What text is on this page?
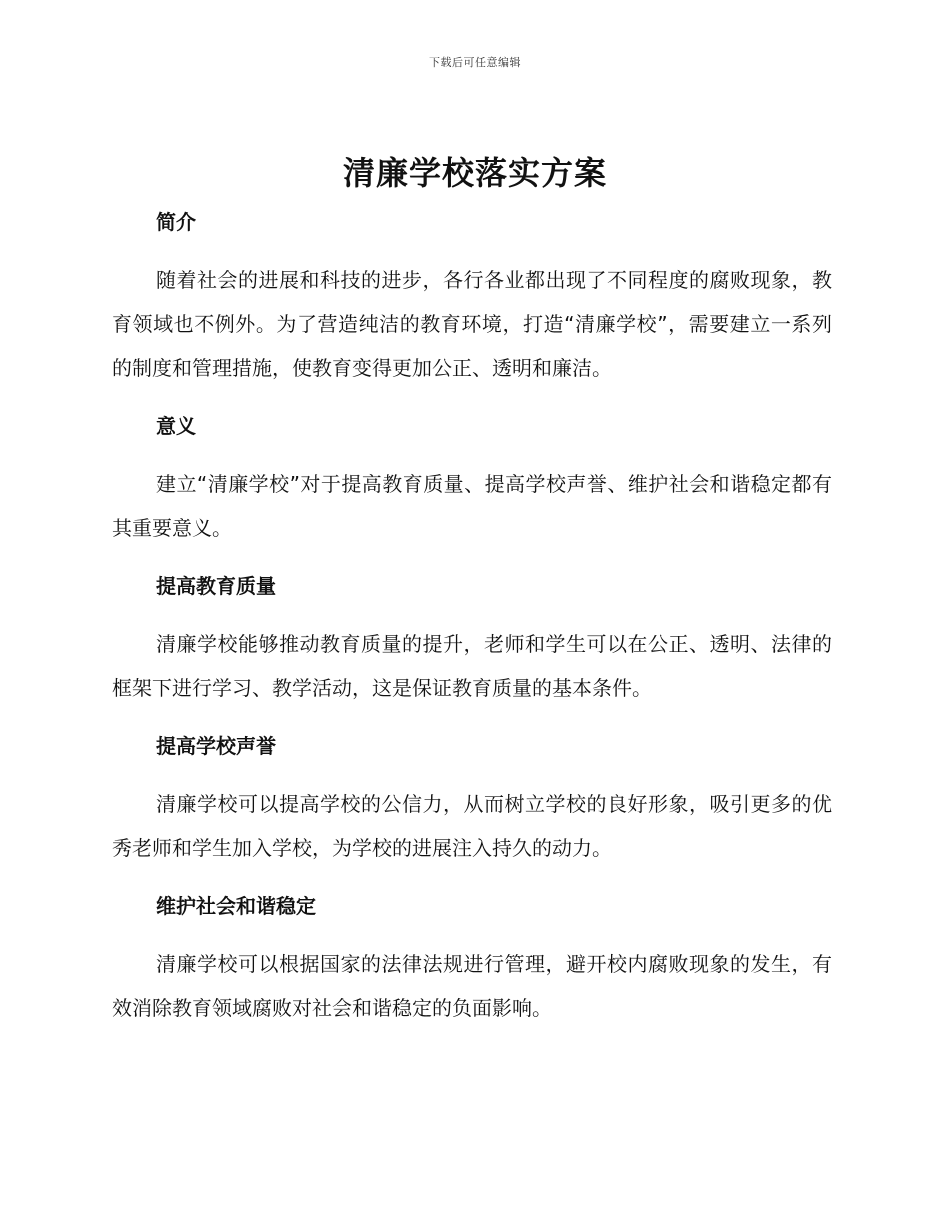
下载后可任意编辑
清廉学校落实方案
简介

随着社会的进展和科技的进步，各行各业都出现了不同程度的腐败现象，教育领域也不例外。为了营造纯洁的教育环境，打造“清廉学校”，需要建立一系列的制度和管理措施，使教育变得更加公正、透明和廉洁。

意义

建立“清廉学校”对于提高教育质量、提高学校声誉、维护社会和谐稳定都有其重要意义。

提高教育质量

清廉学校能够推动教育质量的提升，老师和学生可以在公正、透明、法律的框架下进行学习、教学活动，这是保证教育质量的基本条件。

提高学校声誉

清廉学校可以提高学校的公信力，从而树立学校的良好形象，吸引更多的优秀老师和学生加入学校，为学校的进展注入持久的动力。

维护社会和谐稳定

清廉学校可以根据国家的法律法规进行管理，避开校内腐败现象的发生，有效消除教育领域腐败对社会和谐稳定的负面影响。
